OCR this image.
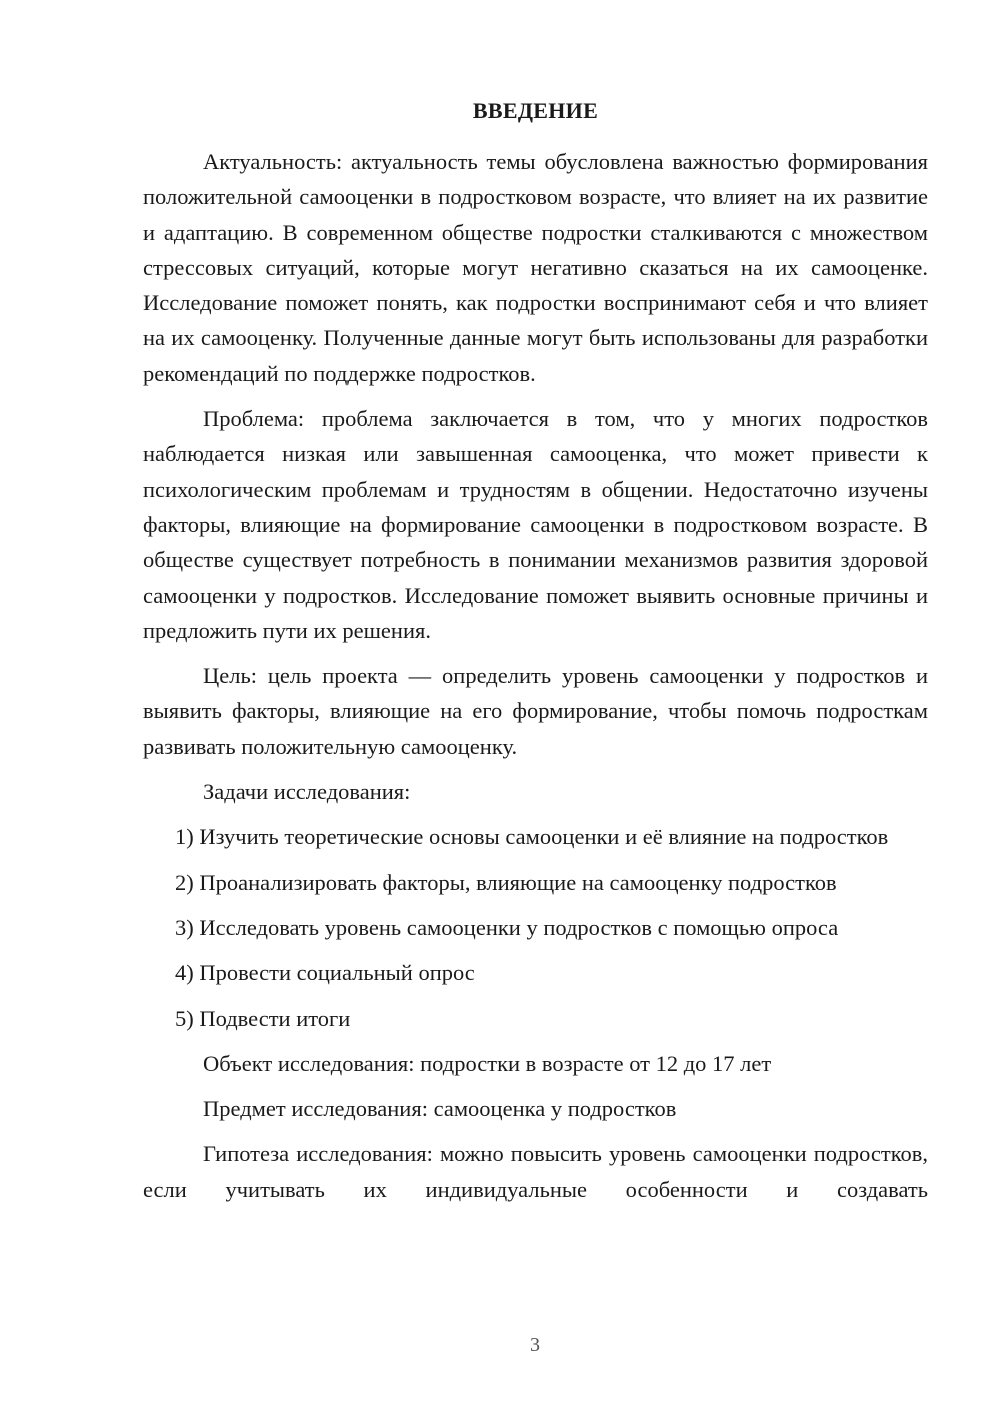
ВВЕДЕНИЕ

Актуальность: актуальность темы обусловлена важностью формирования положительной самооценки в подростковом возрасте, что влияет на их развитие и адаптацию. В современном обществе подростки сталкиваются с множеством стрессовых ситуаций, которые могут негативно сказаться на их самооценке. Исследование поможет понять, как подростки воспринимают себя и что влияет на их самооценку. Полученные данные могут быть использованы для разработки рекомендаций по поддержке подростков.

Проблема: проблема заключается в том, что у многих подростков наблюдается низкая или завышенная самооценка, что может привести к психологическим проблемам и трудностям в общении. Недостаточно изучены факторы, влияющие на формирование самооценки в подростковом возрасте. В обществе существует потребность в понимании механизмов развития здоровой самооценки у подростков. Исследование поможет выявить основные причины и предложить пути их решения.

Цель: цель проекта — определить уровень самооценки у подростков и выявить факторы, влияющие на его формирование, чтобы помочь подросткам развивать положительную самооценку.

Задачи исследования:

1) Изучить теоретические основы самооценки и её влияние на подростков

2) Проанализировать факторы, влияющие на самооценку подростков

3) Исследовать уровень самооценки у подростков с помощью опроса

4) Провести социальный опрос

5) Подвести итоги

Объект исследования: подростки в возрасте от 12 до 17 лет

Предмет исследования: самооценка у подростков

Гипотеза исследования: можно повысить уровень самооценки подростков, если учитывать их индивидуальные особенности и создавать

3
